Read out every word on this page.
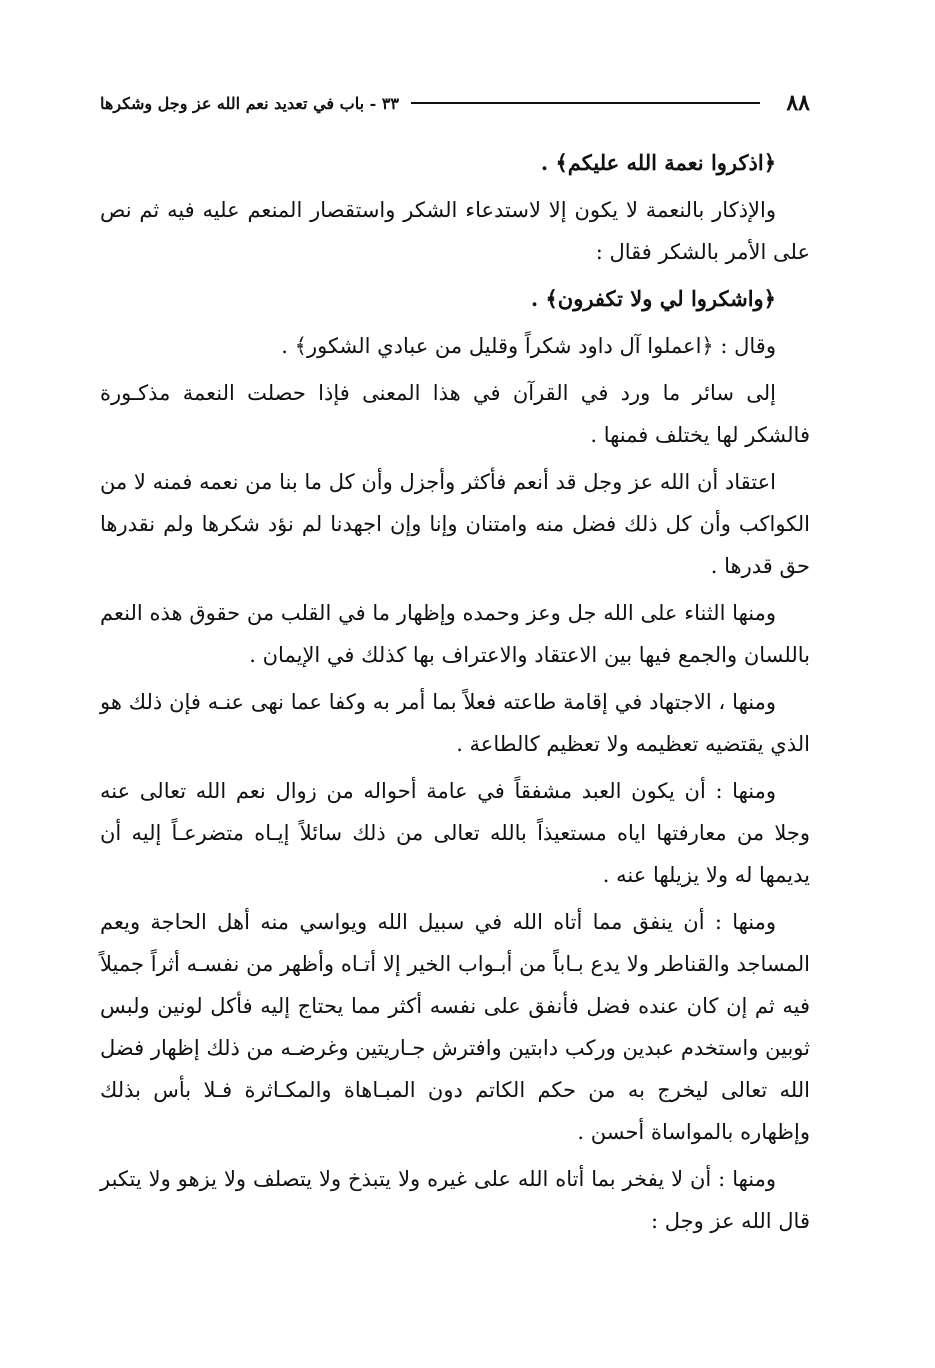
٨٨
٣٣ - باب في تعديد نعم الله عز وجل وشكرها

﴿اذكروا نعمة الله عليكم﴾ .

والإذكار بالنعمة لا يكون إلا لاستدعاء الشكر واستقصار المنعم عليه فيه ثم نص على الأمر بالشكر فقال :

﴿واشكروا لي ولا تكفرون﴾ .

وقال : ﴿اعملوا آل داود شكراً وقليل من عبادي الشكور﴾ .

إلى سائر ما ورد في القرآن في هذا المعنى فإذا حصلت النعمة مذكـورة فالشكر لها يختلف فمنها .

اعتقاد أن الله عز وجل قد أنعم فأكثر وأجزل وأن كل ما بنا من نعمه فمنه لا من الكواكب وأن كل ذلك فضل منه وامتنان وإنا وإن اجهدنا لم نؤد شكرها ولم نقدرها حق قدرها .

ومنها الثناء على الله جل وعز وحمده وإظهار ما في القلب من حقوق هذه النعم باللسان والجمع فيها بين الاعتقاد والاعتراف بها كذلك في الإيمان .

ومنها ، الاجتهاد في إقامة طاعته فعلاً بما أمر به وكفا عما نهى عنـه فإن ذلك هو الذي يقتضيه تعظيمه ولا تعظيم كالطاعة .

ومنها : أن يكون العبد مشفقاً في عامة أحواله من زوال نعم الله تعالى عنه وجلا من معارفتها اياه مستعيذاً بالله تعالى من ذلك سائلاً إيـاه متضرعـاً إليه أن يديمها له ولا يزيلها عنه .

ومنها : أن ينفق مما أتاه الله في سبيل الله ويواسي منه أهل الحاجة ويعم المساجد والقناطر ولا يدع بـاباً من أبـواب الخير إلا أتـاه وأظهر من نفسـه أثراً جميلاً فيه ثم إن كان عنده فضل فأنفق على نفسه أكثر مما يحتاج إليه فأكل لونين ولبس ثوبين واستخدم عبدين وركب دابتين وافترش جـاريتين وغرضـه من ذلك إظهار فضل الله تعالى ليخرج به من حكم الكاتم دون المبـاهاة والمكـاثرة فـلا بأس بذلك وإظهاره بالمواساة أحسن .

ومنها : أن لا يفخر بما أتاه الله على غيره ولا يتبذخ ولا يتصلف ولا يزهو ولا يتكبر قال الله عز وجل :
